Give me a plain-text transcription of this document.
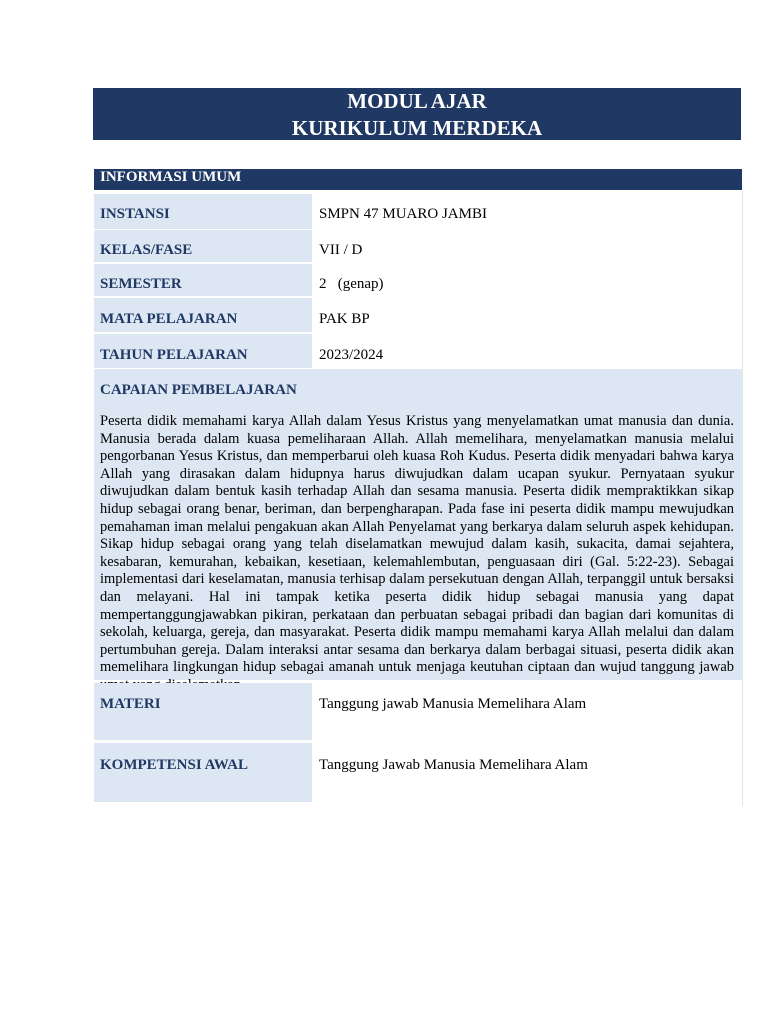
MODUL AJAR
KURIKULUM MERDEKA
INFORMASI UMUM
INSTANSI	SMPN 47 MUARO JAMBI
KELAS/FASE	VII / D
SEMESTER	2   (genap)
MATA PELAJARAN	PAK BP
TAHUN PELAJARAN	2023/2024
CAPAIAN PEMBELAJARAN
Peserta didik memahami karya Allah dalam Yesus Kristus yang menyelamatkan umat manusia dan dunia. Manusia berada dalam kuasa pemeliharaan Allah. Allah memelihara, menyelamatkan manusia melalui pengorbanan Yesus Kristus, dan memperbarui oleh kuasa Roh Kudus. Peserta didik menyadari bahwa karya Allah yang dirasakan dalam hidupnya harus diwujudkan dalam ucapan syukur. Pernyataan syukur diwujudkan dalam bentuk kasih terhadap Allah dan sesama manusia. Peserta didik mempraktikkan sikap hidup sebagai orang benar, beriman, dan berpengharapan. Pada fase ini peserta didik mampu mewujudkan pemahaman iman melalui pengakuan akan Allah Penyelamat yang berkarya dalam seluruh aspek kehidupan. Sikap hidup sebagai orang yang telah diselamatkan mewujud dalam kasih, sukacita, damai sejahtera, kesabaran, kemurahan, kebaikan, kesetiaan, kelemahlembutan, penguasaan diri (Gal. 5:22-23). Sebagai implementasi dari keselamatan, manusia terhisap dalam persekutuan dengan Allah, terpanggil untuk bersaksi dan melayani. Hal ini tampak ketika peserta didik hidup sebagai manusia yang dapat mempertanggungjawabkan pikiran, perkataan dan perbuatan sebagai pribadi dan bagian dari komunitas di sekolah, keluarga, gereja, dan masyarakat. Peserta didik mampu memahami karya Allah melalui dan dalam pertumbuhan gereja. Dalam interaksi antar sesama dan berkarya dalam berbagai situasi, peserta didik akan memelihara lingkungan hidup sebagai amanah untuk menjaga keutuhan ciptaan dan wujud tanggung jawab
MATERI	Tanggung jawab Manusia Memelihara Alam
KOMPETENSI AWAL	Tanggung Jawab Manusia Memelihara Alam
